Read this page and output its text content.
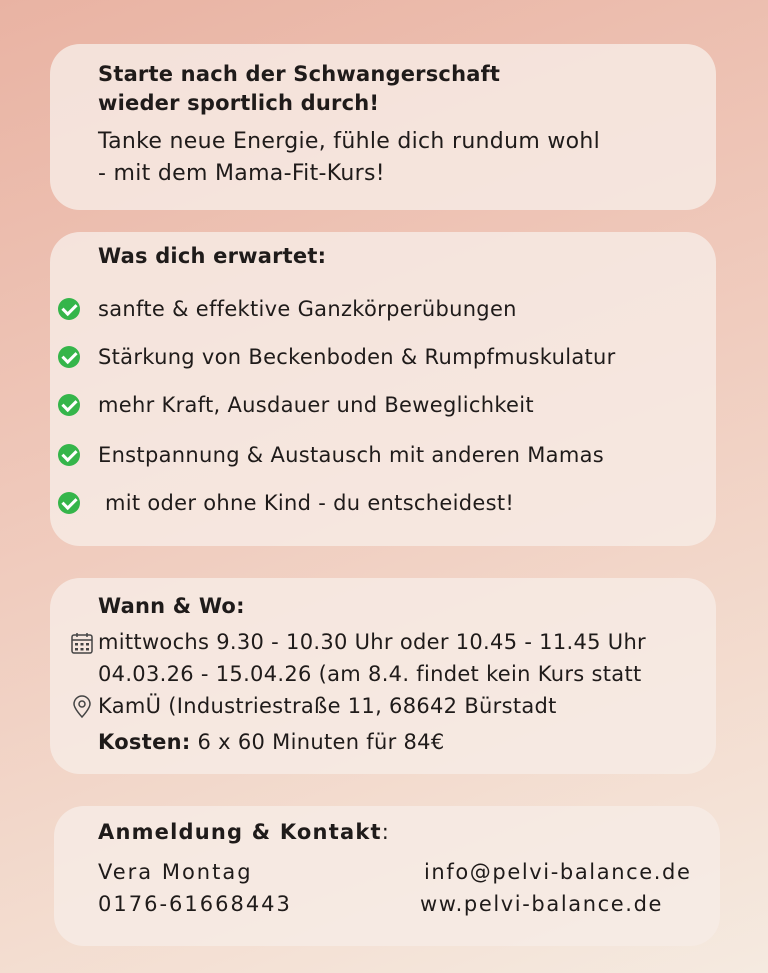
Starte nach der Schwangerschaft
wieder sportlich durch!
Tanke neue Energie, fühle dich rundum wohl
- mit dem Mama-Fit-Kurs!
Was dich erwartet:
sanfte & effektive Ganzkörperübungen
Stärkung von Beckenboden & Rumpfmuskulatur
mehr Kraft, Ausdauer und Beweglichkeit
Enstpannung & Austausch mit anderen Mamas
mit oder ohne Kind - du entscheidest!
Wann & Wo:
mittwochs 9.30 - 10.30 Uhr oder 10.45 - 11.45 Uhr
04.03.26 - 15.04.26 (am 8.4. findet kein Kurs statt
KamÜ (Industriestraße 11, 68642 Bürstadt
Kosten: 6 x 60 Minuten für 84€
Anmeldung & Kontakt:
Vera Montag
0176-61668443
info@pelvi-balance.de
ww.pelvi-balance.de
